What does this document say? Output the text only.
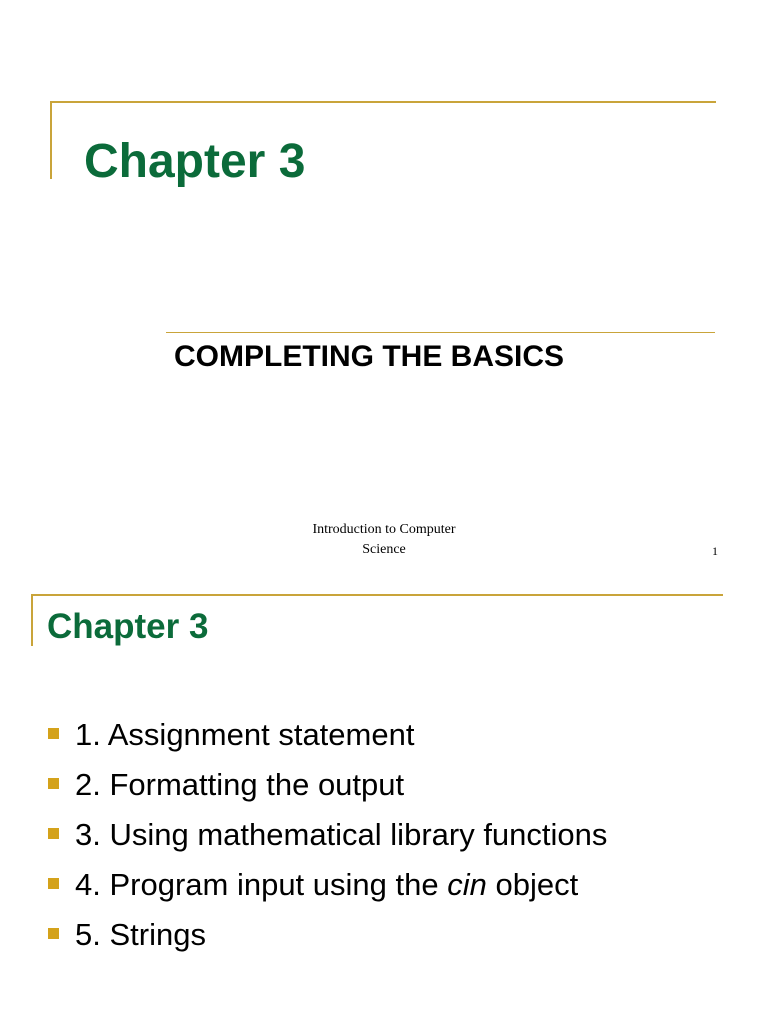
Chapter 3
COMPLETING THE BASICS
Introduction to Computer
Science	1
Chapter 3
1. Assignment statement
2. Formatting the output
3. Using mathematical library functions
4. Program input using the cin object
5. Strings
